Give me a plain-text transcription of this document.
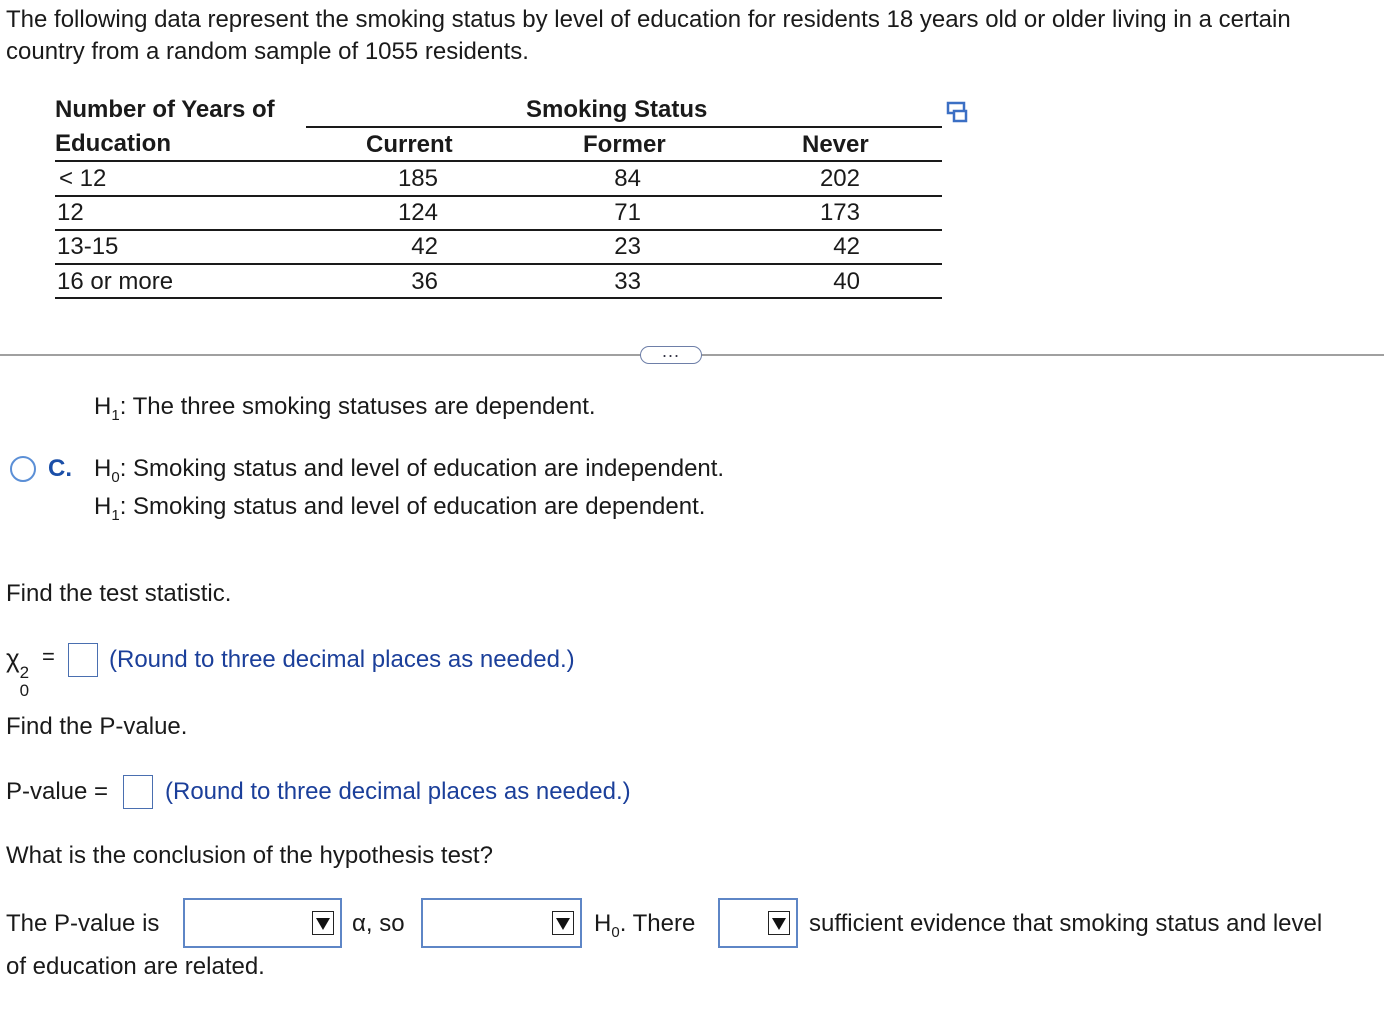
The following data represent the smoking status by level of education for residents 18 years old or older living in a certain country from a random sample of 1055 residents.
Number of Years of
Education
Smoking Status
Current	Former	Never
< 12	185	84	202
12	124	71	173
13-15	42	23	42
16 or more	36	33	40
...
$H_1$: The three smoking statuses are dependent.
C. $H_0$: Smoking status and level of education are independent.
$H_1$: Smoking status and level of education are dependent.
Find the test statistic.
χ 2
0
= (Round to three decimal places as needed.)
Find the P-value.
P-value = (Round to three decimal places as needed.)
What is the conclusion of the hypothesis test?
The P-value is	α, so	$H_0$. There	sufficient evidence that smoking status and level
of education are related.
